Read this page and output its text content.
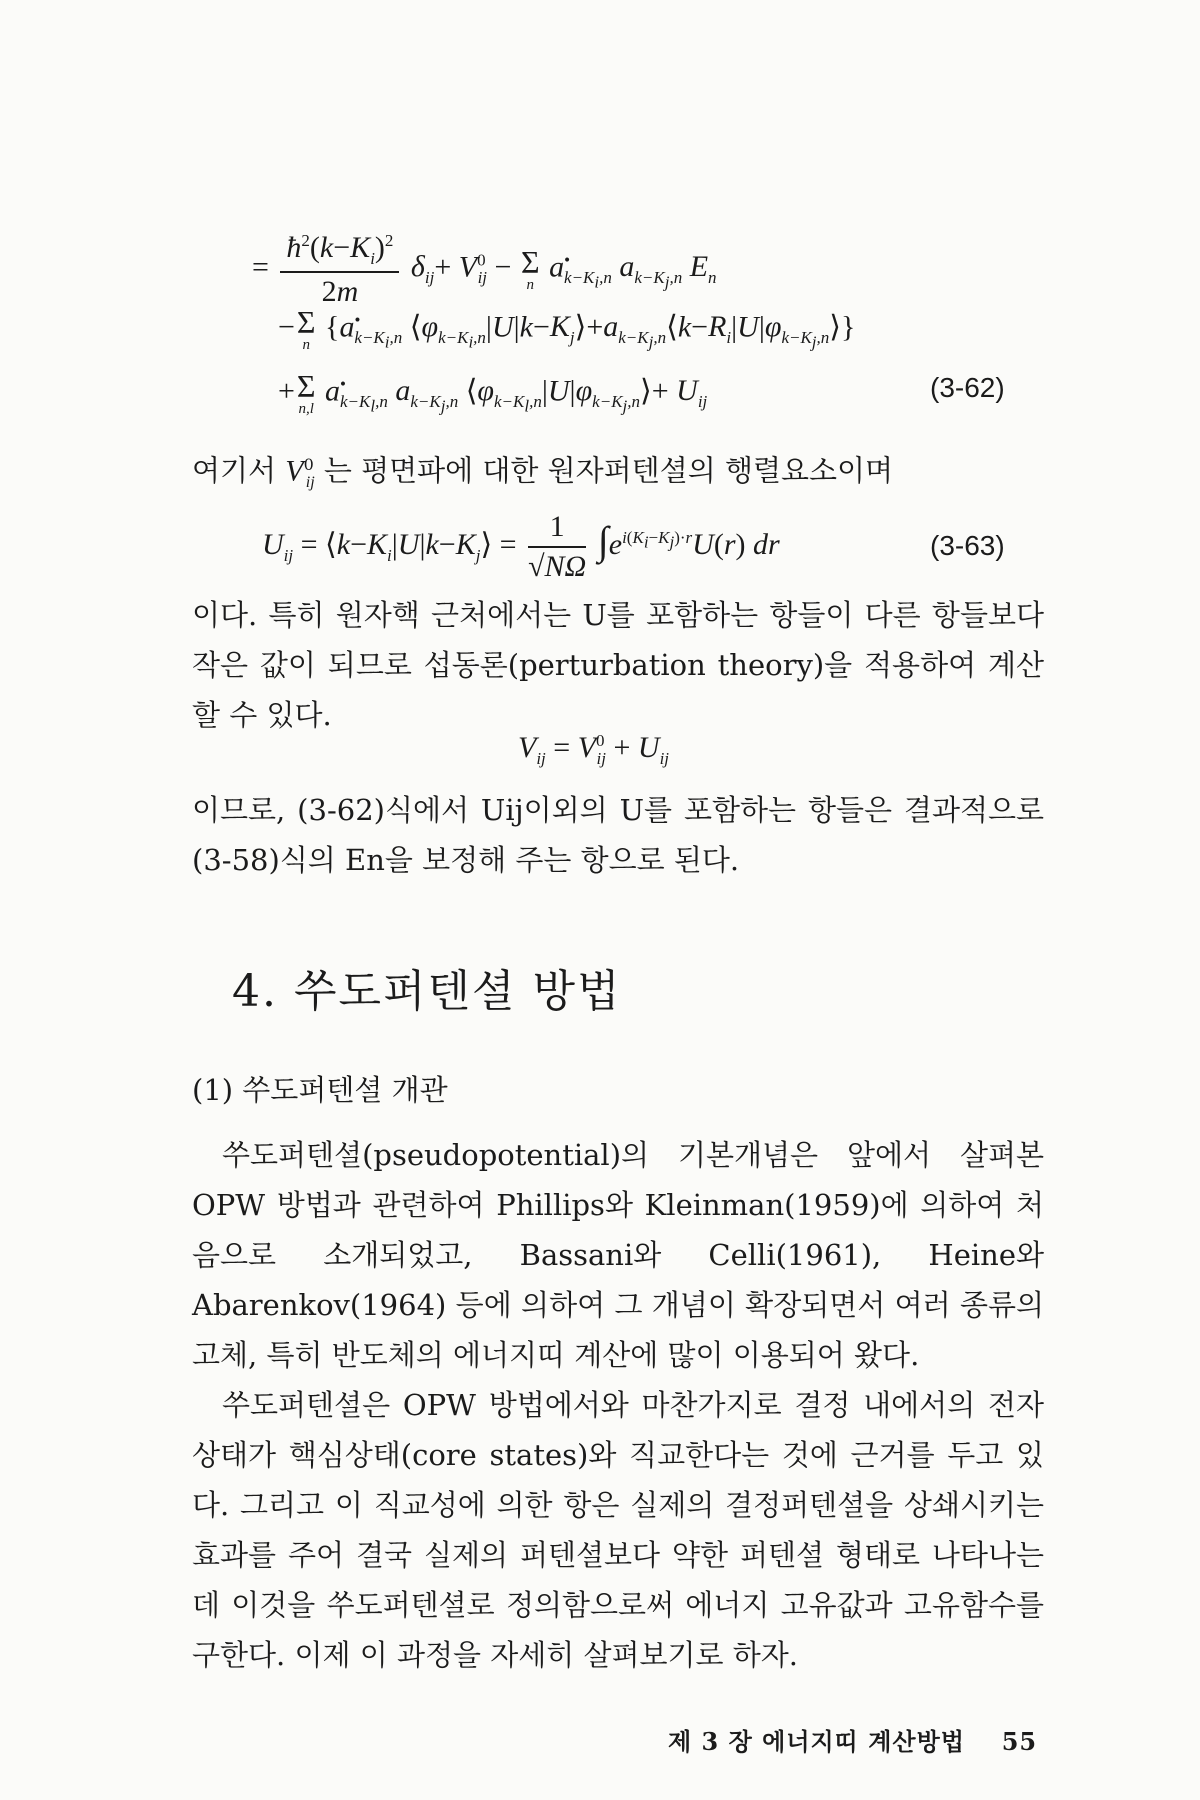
= $\frac{ħ^2(k-K_i)^2}{2m} \delta_{ij}+ V^0_{ij} - \Sigma$
n
$a^•_{k-K_i,n}$ $a_{k-K_j,n}$ $E_n$
− Σ
n
{$a^•_{k-K_i,n}$ $⟨\varphi_{k-K_i,n}|U|k-K_j⟩+a_{k-K_j,n}⟨k-R_i|U|\varphi_{k-K_j,n}⟩$}
+ Σ
n,l
$a^•_{k-K_l,n}$ $a_{k-K_j,n}$ $⟨\varphi_{k-K_l,n}|U|\varphi_{k-K_j,n}⟩+ U_{ij}$	(3-62)
여기서 $V^0_{ij}$ 는 평면파에 대한 원자퍼텐셜의 행렬요소이며
$U_{ij}$ = $⟨k-K_i|U|k-K_j⟩ = \frac{1}{√N\Omega} \int e^{i(K_i-K_j)\cdot r}U(r)$ dr	(3-63)
이다. 특히 원자핵 근처에서는 U를 포함하는 항들이 다른 항들보다 작은 값이 되므로 섭동론(perturbation theory)을 적용하여 계산할 수 있다.
$V_{ij} = V^0_{ij} + U_{ij}$
이므로, (3-62)식에서 Uij이외의 U를 포함하는 항들은 결과적으로 (3-58)식의 En을 보정해 주는 항으로 된다.
4. 쑤도퍼텐셜 방법
(1) 쑤도퍼텐셜 개관
쑤도퍼텐셜(pseudopotential)의 기본개념은 앞에서 살펴본 OPW 방법과 관련하여 Phillips와 Kleinman(1959)에 의하여 처음으로 소개되었고, Bassani와 Celli(1961), Heine와 Abarenkov(1964) 등에 의하여 그 개념이 확장되면서 여러 종류의 고체, 특히 반도체의 에너지띠 계산에 많이 이용되어 왔다.
쑤도퍼텐셜은 OPW 방법에서와 마찬가지로 결정 내에서의 전자상태가 핵심상태(core states)와 직교한다는 것에 근거를 두고 있다. 그리고 이 직교성에 의한 항은 실제의 결정퍼텐셜을 상쇄시키는 효과를 주어 결국 실제의 퍼텐셜보다 약한 퍼텐셜 형태로 나타나는데 이것을 쑤도퍼텐셜로 정의함으로써 에너지 고유값과 고유함수를 구한다. 이제 이 과정을 자세히 살펴보기로 하자.
제 3 장 에너지띠 계산방법 55
